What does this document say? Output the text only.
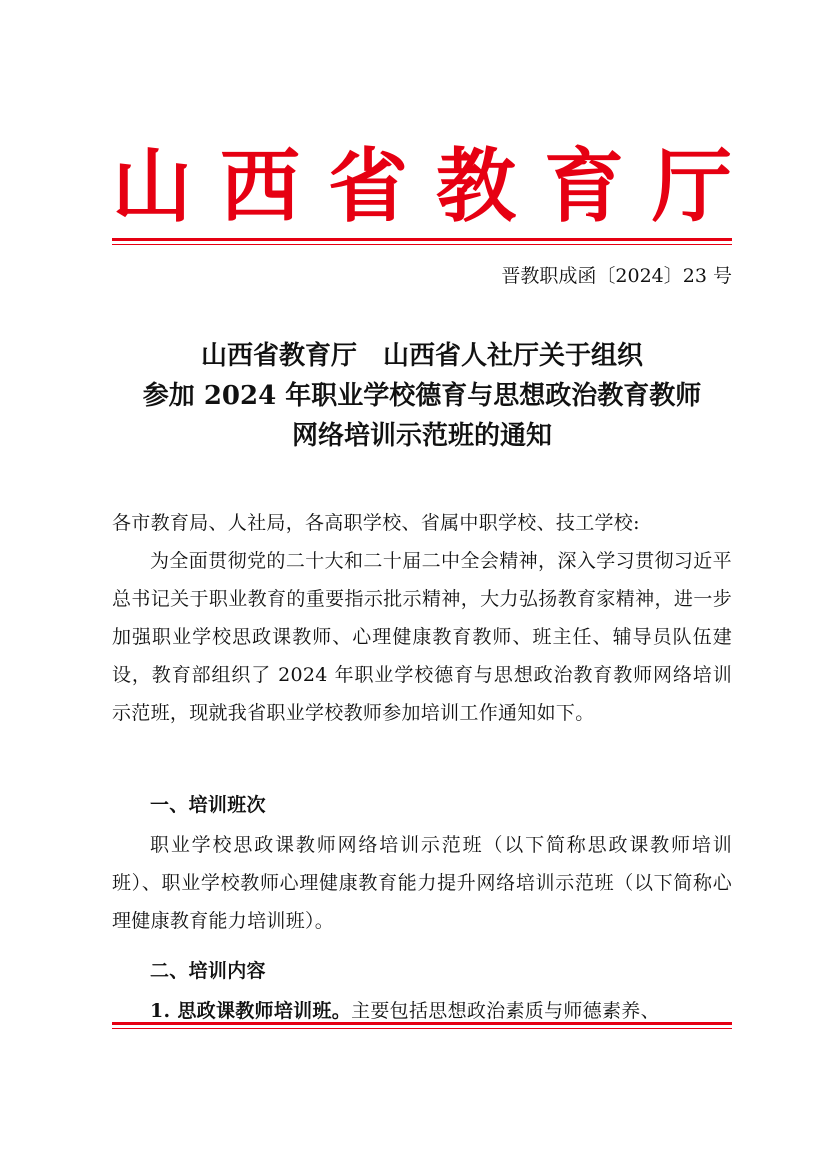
山 西 省 教 育 厅
晋教职成函〔2024〕23 号
山西省教育厅　山西省人社厅关于组织
参加 2024 年职业学校德育与思想政治教育教师
网络培训示范班的通知
各市教育局、人社局，各高职学校、省属中职学校、技工学校:
为全面贯彻党的二十大和二十届二中全会精神，深入学习贯彻习近平总书记关于职业教育的重要指示批示精神，大力弘扬教育家精神，进一步加强职业学校思政课教师、心理健康教育教师、班主任、辅导员队伍建设，教育部组织了 2024 年职业学校德育与思想政治教育教师网络培训示范班，现就我省职业学校教师参加培训工作通知如下。
一、培训班次
职业学校思政课教师网络培训示范班（以下简称思政课教师培训班）、职业学校教师心理健康教育能力提升网络培训示范班（以下简称心理健康教育能力培训班）。
二、培训内容
1. 思政课教师培训班。主要包括思想政治素质与师德素养、
